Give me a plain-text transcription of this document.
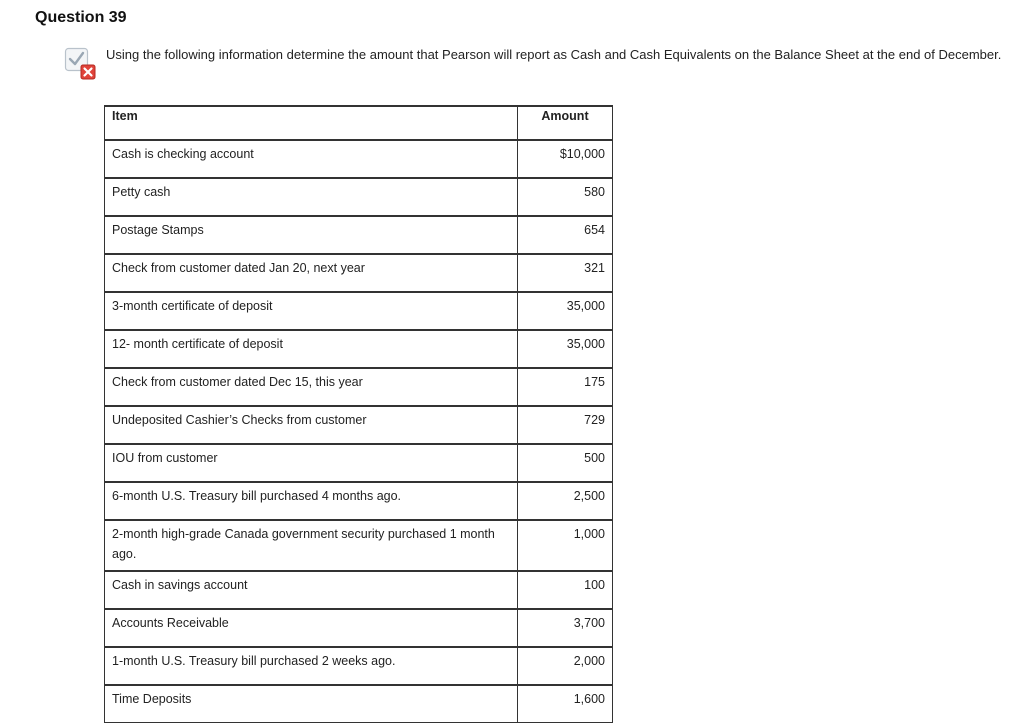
Question 39
Using the following information determine the amount that Pearson will report as Cash and Cash Equivalents on the Balance Sheet at the end of December.
Item	Amount
Cash is checking account	$10,000
Petty cash	580
Postage Stamps	654
Check from customer dated Jan 20, next year	321
3-month certificate of deposit	35,000
12- month certificate of deposit	35,000
Check from customer dated Dec 15, this year	175
Undeposited Cashier’s Checks from customer	729
IOU from customer	500
6-month U.S. Treasury bill purchased 4 months ago.	2,500
2-month high-grade Canada government security purchased 1 month ago.	1,000
Cash in savings account	100
Accounts Receivable	3,700
1-month U.S. Treasury bill purchased 2 weeks ago.	2,000
Time Deposits	1,600
